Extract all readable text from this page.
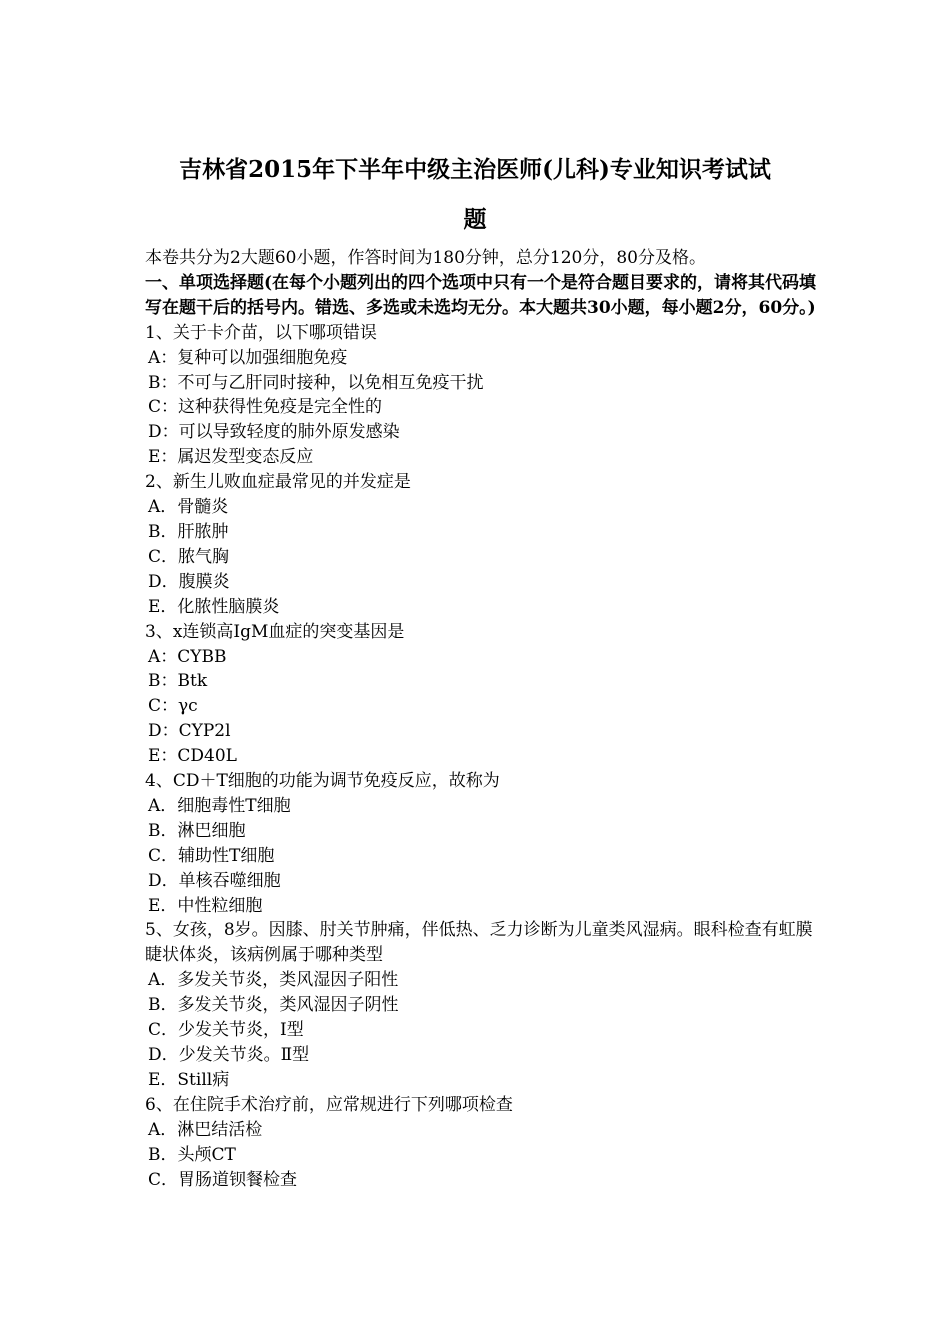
吉林省2015年下半年中级主治医师(儿科)专业知识考试试
题

本卷共分为2大题60小题，作答时间为180分钟，总分120分，80分及格。

一、单项选择题(在每个小题列出的四个选项中只有一个是符合题目要求的，请将其代码填写在题干后的括号内。错选、多选或未选均无分。本大题共30小题，每小题2分，60分。)

1、关于卡介苗，以下哪项错误

A：复种可以加强细胞免疫

B：不可与乙肝同时接种，以免相互免疫干扰

C：这种获得性免疫是完全性的

D：可以导致轻度的肺外原发感染

E：属迟发型变态反应

2、新生儿败血症最常见的并发症是

A．骨髓炎

B．肝脓肿

C．脓气胸

D．腹膜炎

E．化脓性脑膜炎

3、x连锁高IgM血症的突变基因是

A：CYBB

B：Btk

C：γc

D：CYP2l

E：CD40L

4、CD＋T细胞的功能为调节免疫反应，故称为

A．细胞毒性T细胞

B．淋巴细胞

C．辅助性T细胞

D．单核吞噬细胞

E．中性粒细胞

5、女孩，8岁。因膝、肘关节肿痛，伴低热、乏力诊断为儿童类风湿病。眼科检查有虹膜睫状体炎，该病例属于哪种类型

A．多发关节炎，类风湿因子阳性

B．多发关节炎，类风湿因子阴性

C．少发关节炎，Ⅰ型

D．少发关节炎。Ⅱ型

E．Still病

6、在住院手术治疗前，应常规进行下列哪项检查

A．淋巴结活检

B．头颅CT

C．胃肠道钡餐检查
